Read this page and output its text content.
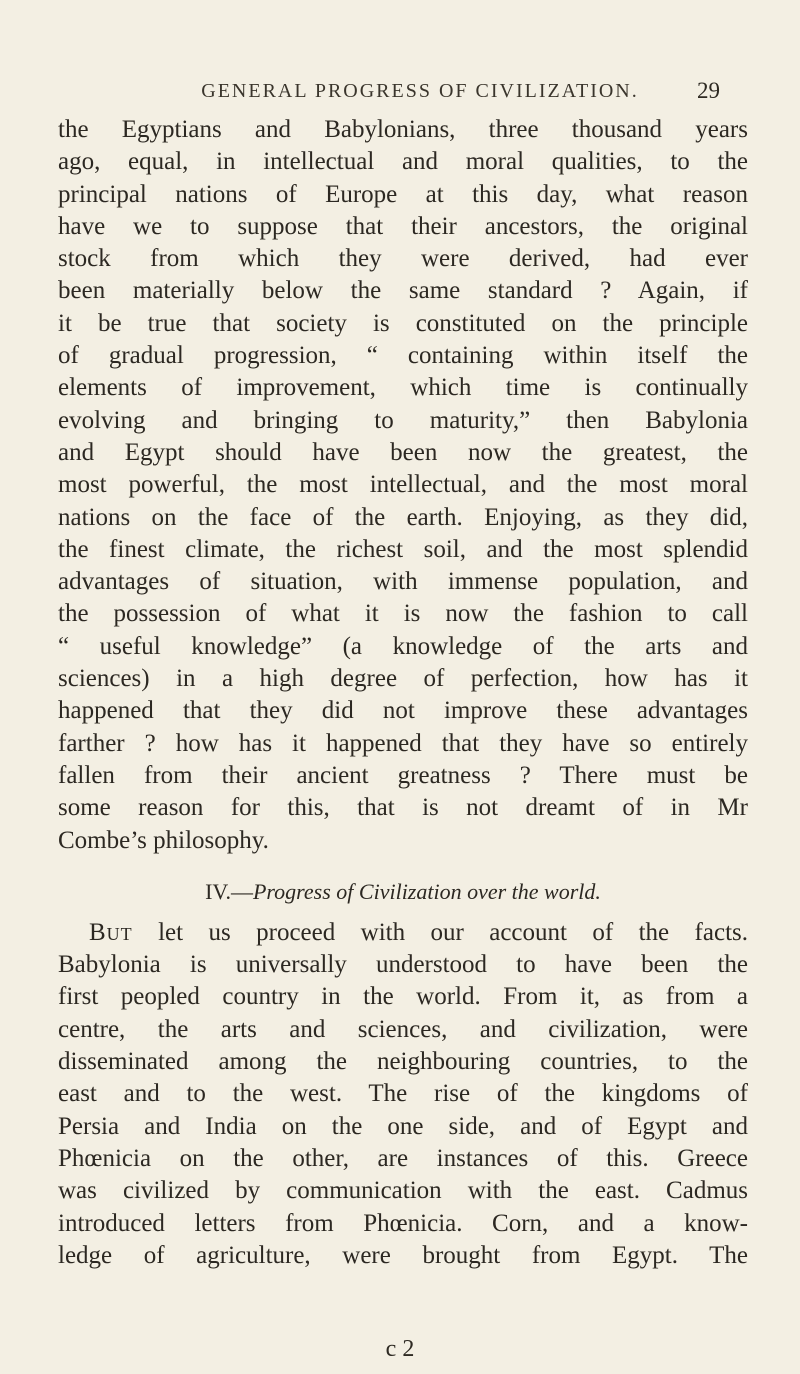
GENERAL PROGRESS OF CIVILIZATION.	29
the Egyptians and Babylonians, three thousand years
ago, equal, in intellectual and moral qualities, to the
principal nations of Europe at this day, what reason
have we to suppose that their ancestors, the original
stock from which they were derived, had ever
been materially below the same standard ? Again, if
it be true that society is constituted on the principle
of gradual progression, “ containing within itself the
elements of improvement, which time is continually
evolving and bringing to maturity,” then Babylonia
and Egypt should have been now the greatest, the
most powerful, the most intellectual, and the most moral
nations on the face of the earth. Enjoying, as they did,
the finest climate, the richest soil, and the most splendid
advantages of situation, with immense population, and
the possession of what it is now the fashion to call
“ useful knowledge” (a knowledge of the arts and
sciences) in a high degree of perfection, how has it
happened that they did not improve these advantages
farther ? how has it happened that they have so entirely
fallen from their ancient greatness ? There must be
some reason for this, that is not dreamt of in Mr
Combe’s philosophy.
IV.—Progress of Civilization over the world.
But let us proceed with our account of the facts.
Babylonia is universally understood to have been the
first peopled country in the world. From it, as from a
centre, the arts and sciences, and civilization, were
disseminated among the neighbouring countries, to the
east and to the west. The rise of the kingdoms of
Persia and India on the one side, and of Egypt and
Phœnicia on the other, are instances of this. Greece
was civilized by communication with the east. Cadmus
introduced letters from Phœnicia. Corn, and a know-
ledge of agriculture, were brought from Egypt. The
c 2
